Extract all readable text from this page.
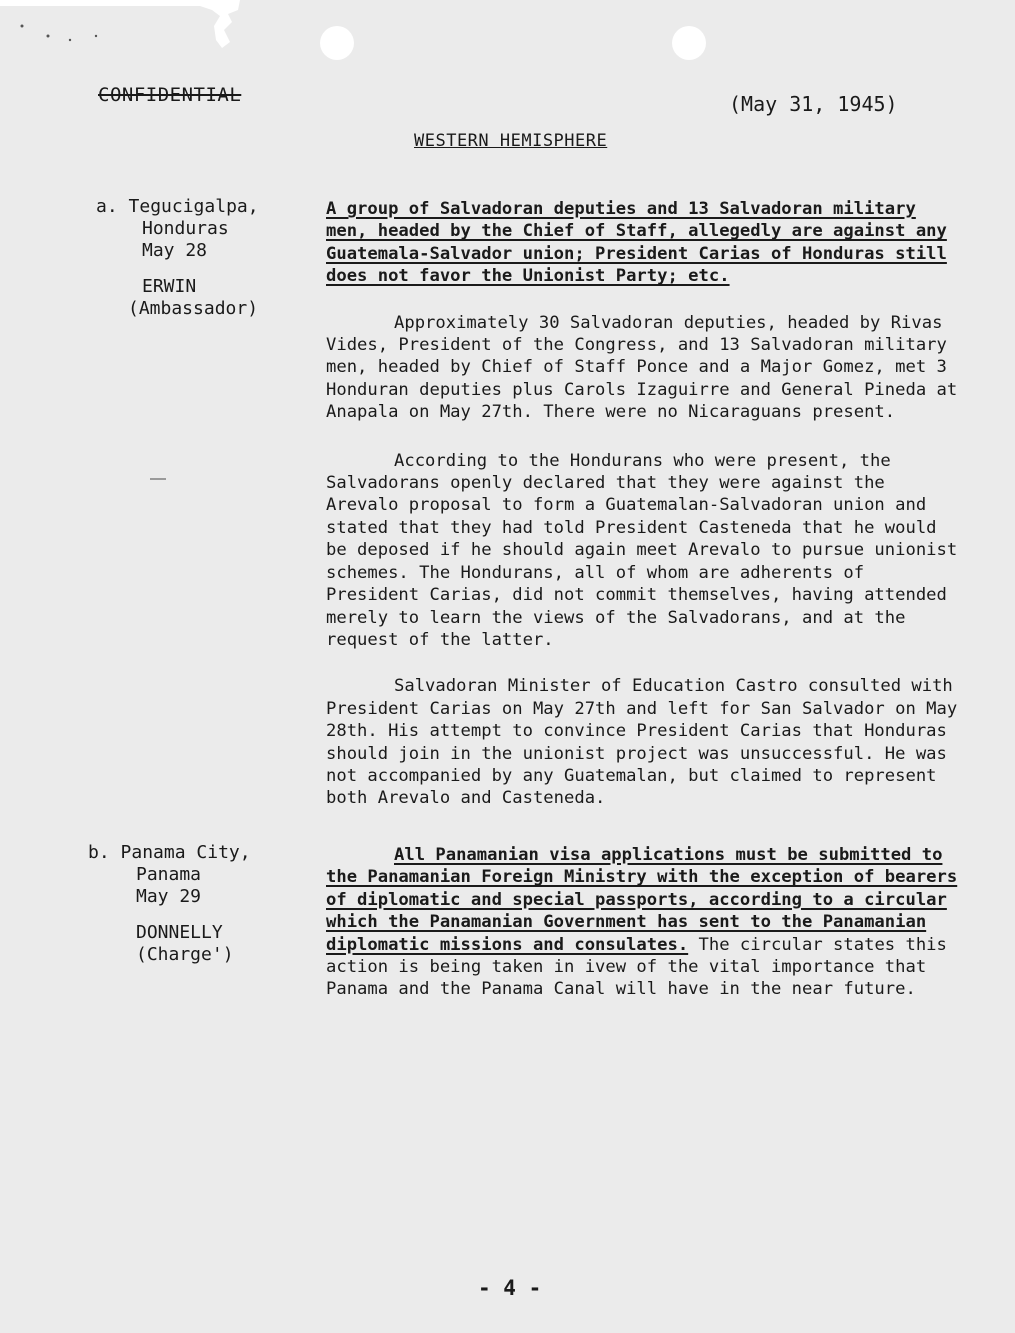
CONFIDENTIAL	(May 31, 1945)
WESTERN HEMISPHERE
a. Tegucigalpa,
Honduras
May 28
ERWIN
(Ambassador)

A group of Salvadoran deputies and 13 Salvadoran military men, headed by the Chief of Staff, allegedly are against any Guatemala-Salvador union; President Carias of Honduras still does not favor the Unionist Party; etc.

Approximately 30 Salvadoran deputies, headed by Rivas Vides, President of the Congress, and 13 Salvadoran military men, headed by Chief of Staff Ponce and a Major Gomez, met 3 Honduran deputies plus Carols Izaguirre and General Pineda at Anapala on May 27th. There were no Nicaraguans present.

According to the Hondurans who were present, the Salvadorans openly declared that they were against the Arevalo proposal to form a Guatemalan-Salvadoran union and stated that they had told President Casteneda that he would be deposed if he should again meet Arevalo to pursue unionist schemes. The Hondurans, all of whom are adherents of President Carias, did not commit themselves, having attended merely to learn the views of the Salvadorans, and at the request of the latter.

Salvadoran Minister of Education Castro consulted with President Carias on May 27th and left for San Salvador on May 28th. His attempt to convince President Carias that Honduras should join in the unionist project was unsuccessful. He was not accompanied by any Guatemalan, but claimed to represent both Arevalo and Casteneda.

b. Panama City,
Panama
May 29
DONNELLY
(Charge')

All Panamanian visa applications must be submitted to the Panamanian Foreign Ministry with the exception of bearers of diplomatic and special passports, according to a circular which the Panamanian Government has sent to the Panamanian diplomatic missions and consulates. The circular states this action is being taken in ivew of the vital importance that Panama and the Panama Canal will have in the near future.

- 4 -
